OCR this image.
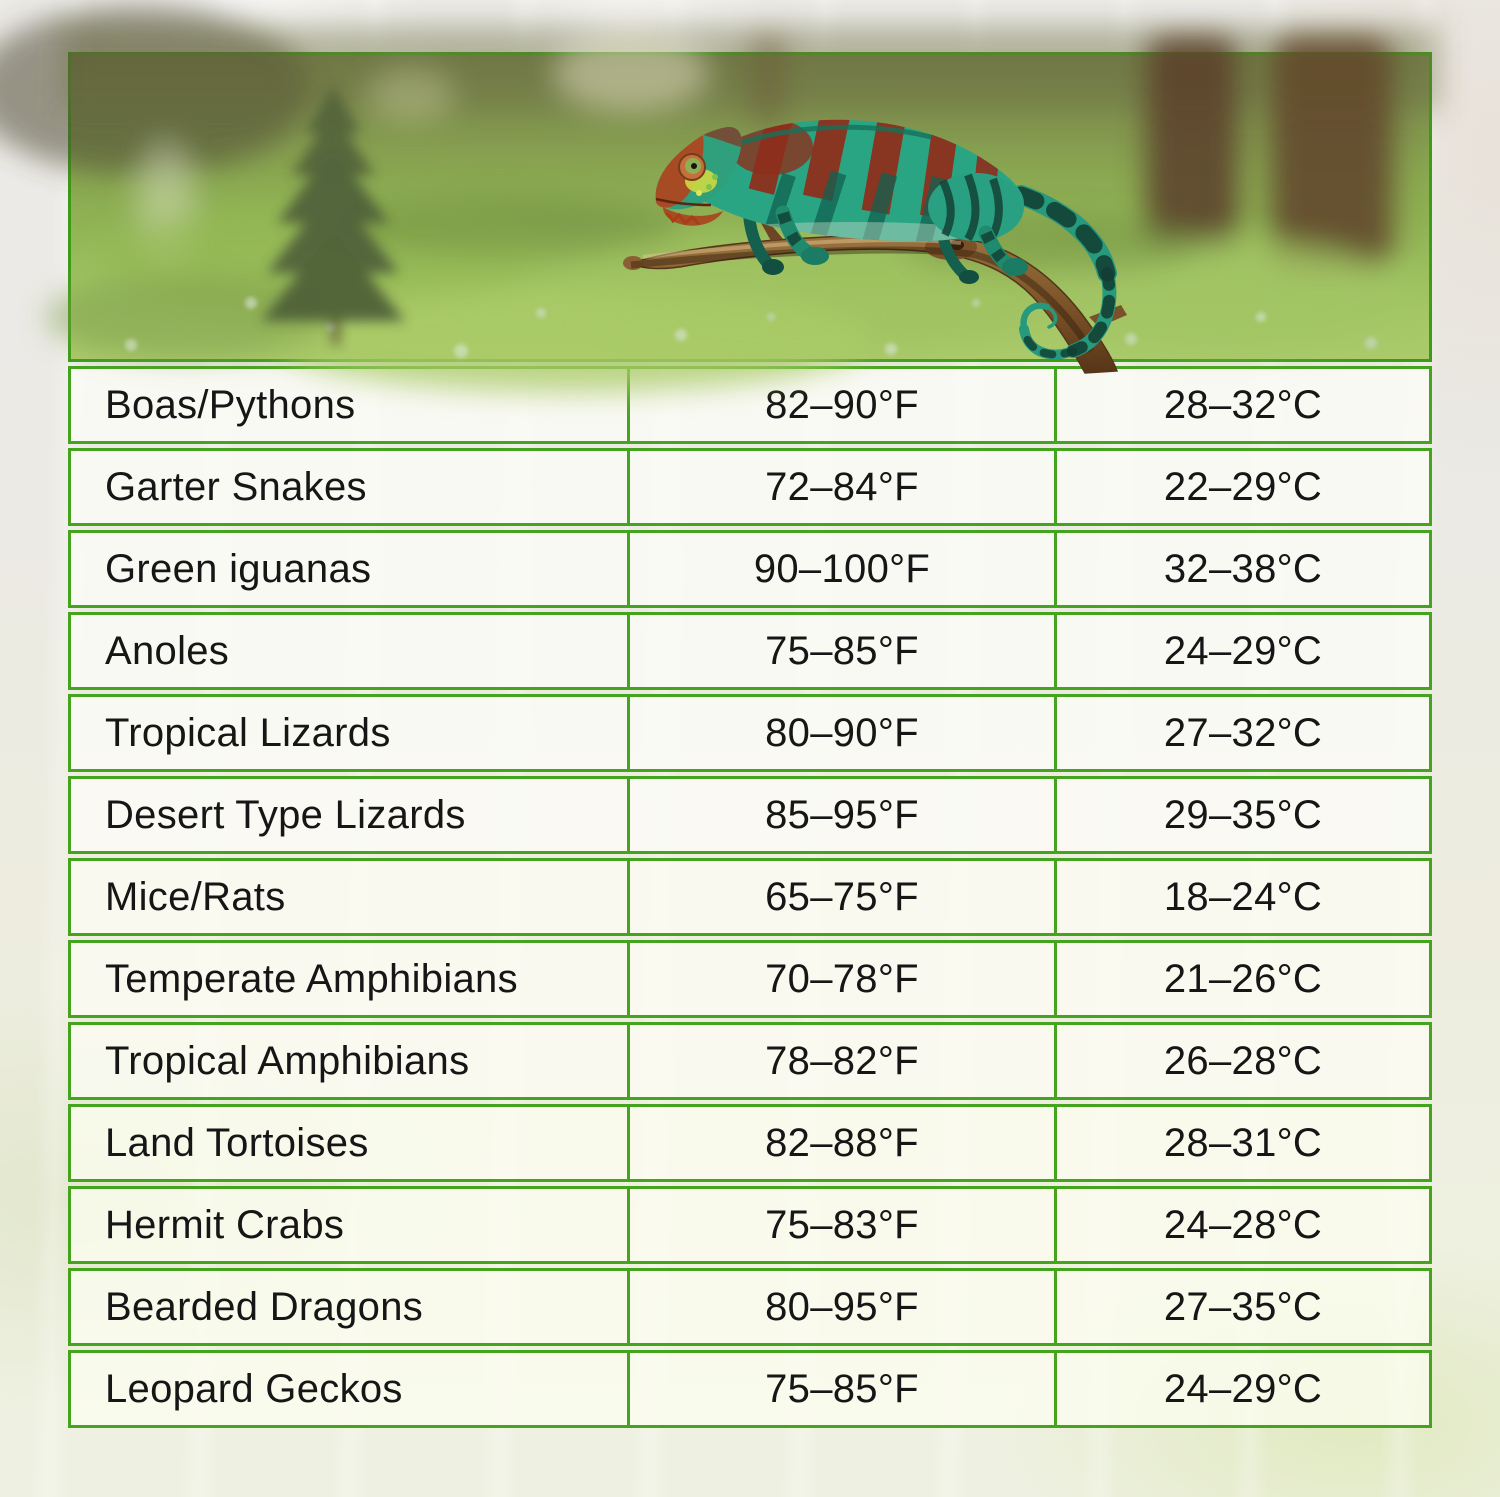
Boas/Pythons	82–90°F	28–32°C
Garter Snakes	72–84°F	22–29°C
Green iguanas	90–100°F	32–38°C
Anoles	75–85°F	24–29°C
Tropical Lizards	80–90°F	27–32°C
Desert Type Lizards	85–95°F	29–35°C
Mice/Rats	65–75°F	18–24°C
Temperate Amphibians	70–78°F	21–26°C
Tropical Amphibians	78–82°F	26–28°C
Land Tortoises	82–88°F	28–31°C
Hermit Crabs	75–83°F	24–28°C
Bearded Dragons	80–95°F	27–35°C
Leopard Geckos	75–85°F	24–29°C
